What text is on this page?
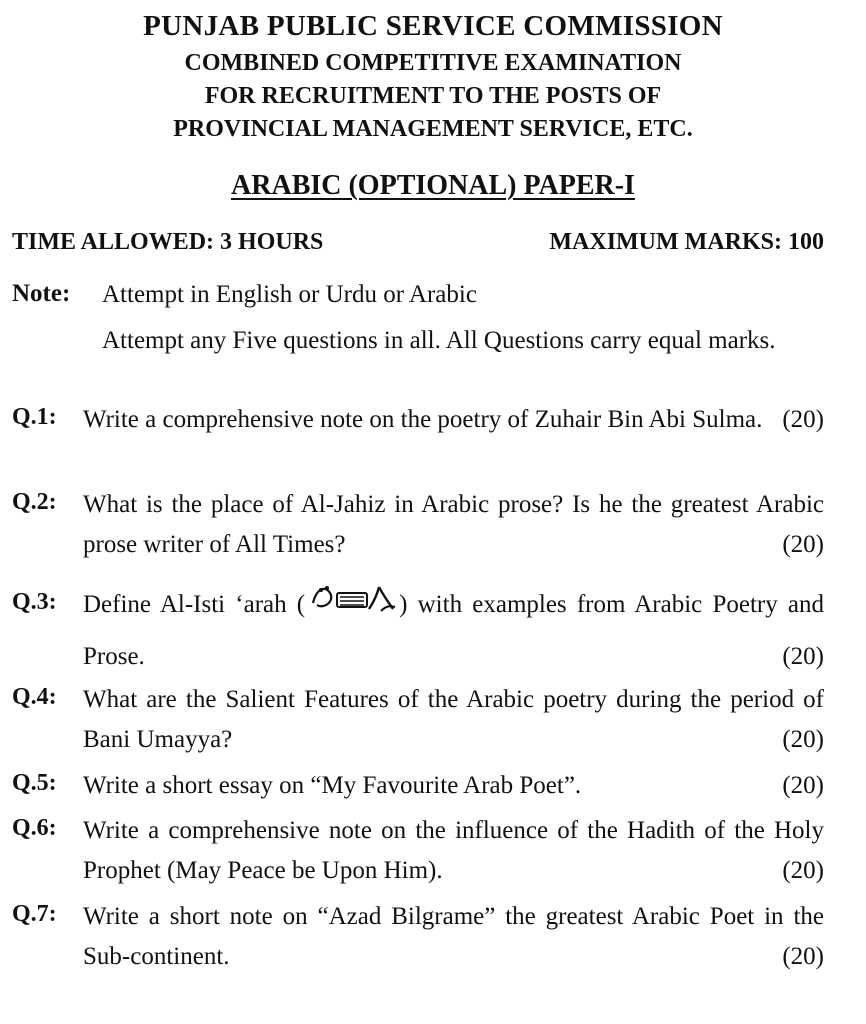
PUNJAB PUBLIC SERVICE COMMISSION
COMBINED COMPETITIVE EXAMINATION
FOR RECRUITMENT TO THE POSTS OF
PROVINCIAL MANAGEMENT SERVICE, ETC.
ARABIC (OPTIONAL) PAPER-I
TIME ALLOWED: 3 HOURS	MAXIMUM MARKS: 100
Note: Attempt in English or Urdu or Arabic
Attempt any Five questions in all. All Questions carry equal marks.
Q.1: Write a comprehensive note on the poetry of Zuhair Bin Abi Sulma. (20)
Q.2: What is the place of Al-Jahiz in Arabic prose? Is he the greatest Arabic prose writer of All Times?	(20)
Q.3: Define Al-Isti ‘arah (	) with examples from Arabic Poetry and Prose.	(20)
Q.4: What are the Salient Features of the Arabic poetry during the period of Bani Umayya?	(20)
Q.5: Write a short essay on “My Favourite Arab Poet”.	(20)
Q.6: Write a comprehensive note on the influence of the Hadith of the Holy Prophet (May Peace be Upon Him).	(20)
Q.7: Write a short note on “Azad Bilgrame” the greatest Arabic Poet in the Sub-continent.	(20)
